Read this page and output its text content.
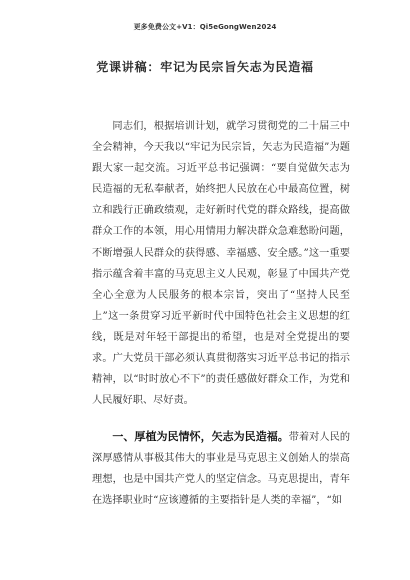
更多免费公文+V1：Qi5eGongWen2024
党课讲稿：牢记为民宗旨矢志为民造福
同志们，根据培训计划，就学习贯彻党的二十届三中全会精神，今天我以“牢记为民宗旨，矢志为民造福”为题跟大家一起交流。习近平总书记强调：“要自觉做矢志为民造福的无私奉献者，始终把人民放在心中最高位置，树立和践行正确政绩观，走好新时代党的群众路线，提高做群众工作的本领，用心用情用力解决群众急难愁盼问题，不断增强人民群众的获得感、幸福感、安全感。”这一重要指示蕴含着丰富的马克思主义人民观，彰显了中国共产党全心全意为人民服务的根本宗旨，突出了“坚持人民至上”这一条贯穿习近平新时代中国特色社会主义思想的红线，既是对年轻干部提出的希望，也是对全党提出的要求。广大党员干部必须认真贯彻落实习近平总书记的指示精神，以“时时放心不下”的责任感做好群众工作，为党和人民履好职、尽好责。
一、厚植为民情怀，矢志为民造福。带着对人民的深厚感情从事极其伟大的事业是马克思主义创始人的崇高理想，也是中国共产党人的坚定信念。马克思提出，青年在选择职业时“应该遵循的主要指针是人类的幸福”，“如
